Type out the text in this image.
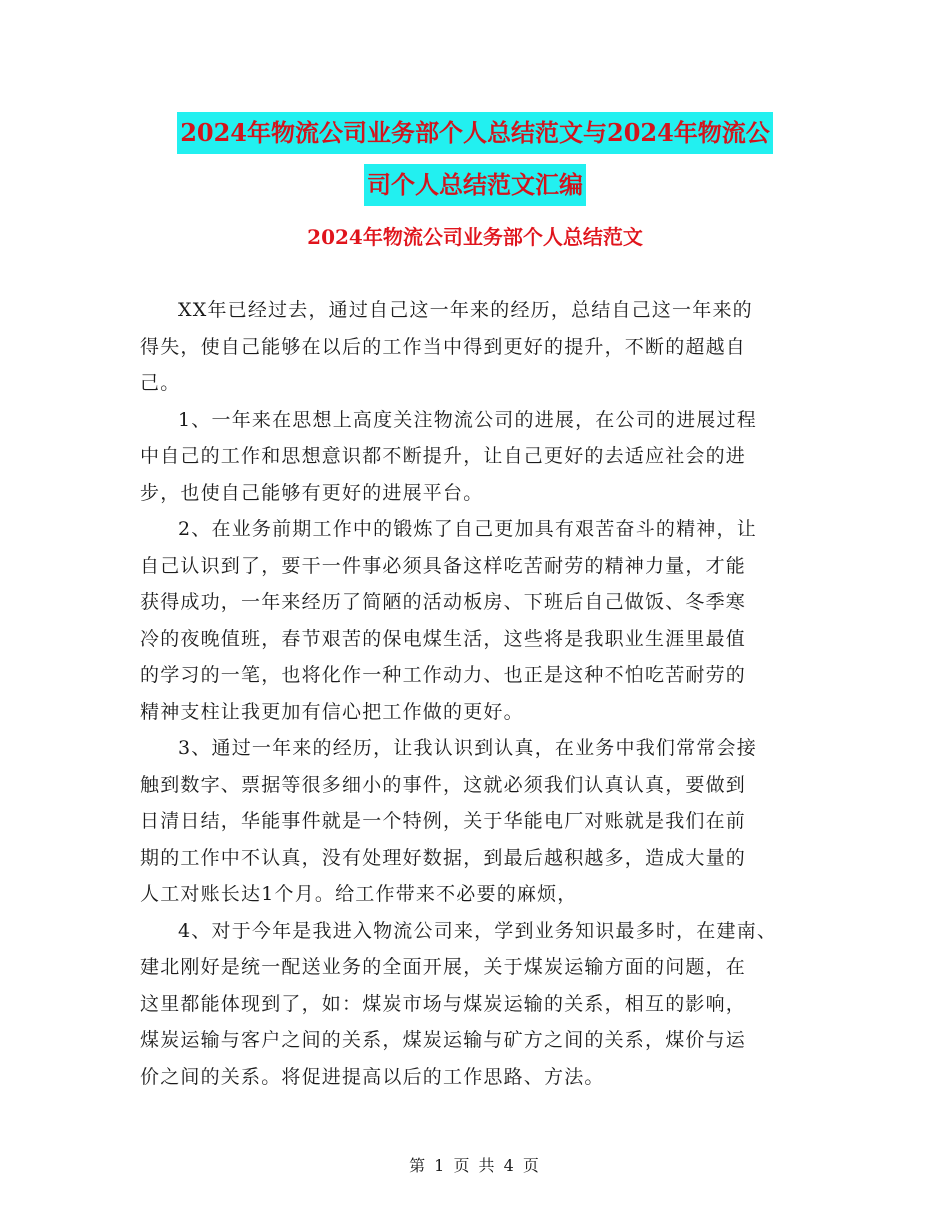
2024年物流公司业务部个人总结范文与2024年物流公
司个人总结范文汇编
2024年物流公司业务部个人总结范文
XX年已经过去，通过自己这一年来的经历，总结自己这一年来的
得失，使自己能够在以后的工作当中得到更好的提升，不断的超越自
己。
1、一年来在思想上高度关注物流公司的进展，在公司的进展过程
中自己的工作和思想意识都不断提升，让自己更好的去适应社会的进
步，也使自己能够有更好的进展平台。
2、在业务前期工作中的锻炼了自己更加具有艰苦奋斗的精神，让
自己认识到了，要干一件事必须具备这样吃苦耐劳的精神力量，才能
获得成功，一年来经历了简陋的活动板房、下班后自己做饭、冬季寒
冷的夜晚值班，春节艰苦的保电煤生活，这些将是我职业生涯里最值
的学习的一笔，也将化作一种工作动力、也正是这种不怕吃苦耐劳的
精神支柱让我更加有信心把工作做的更好。
3、通过一年来的经历，让我认识到认真，在业务中我们常常会接
触到数字、票据等很多细小的事件，这就必须我们认真认真，要做到
日清日结，华能事件就是一个特例，关于华能电厂对账就是我们在前
期的工作中不认真，没有处理好数据，到最后越积越多，造成大量的
人工对账长达1个月。给工作带来不必要的麻烦，
4、对于今年是我进入物流公司来，学到业务知识最多时，在建南、
建北刚好是统一配送业务的全面开展，关于煤炭运输方面的问题，在
这里都能体现到了，如：煤炭市场与煤炭运输的关系，相互的影响，
煤炭运输与客户之间的关系，煤炭运输与矿方之间的关系，煤价与运
价之间的关系。将促进提高以后的工作思路、方法。
第 1 页 共 4 页
